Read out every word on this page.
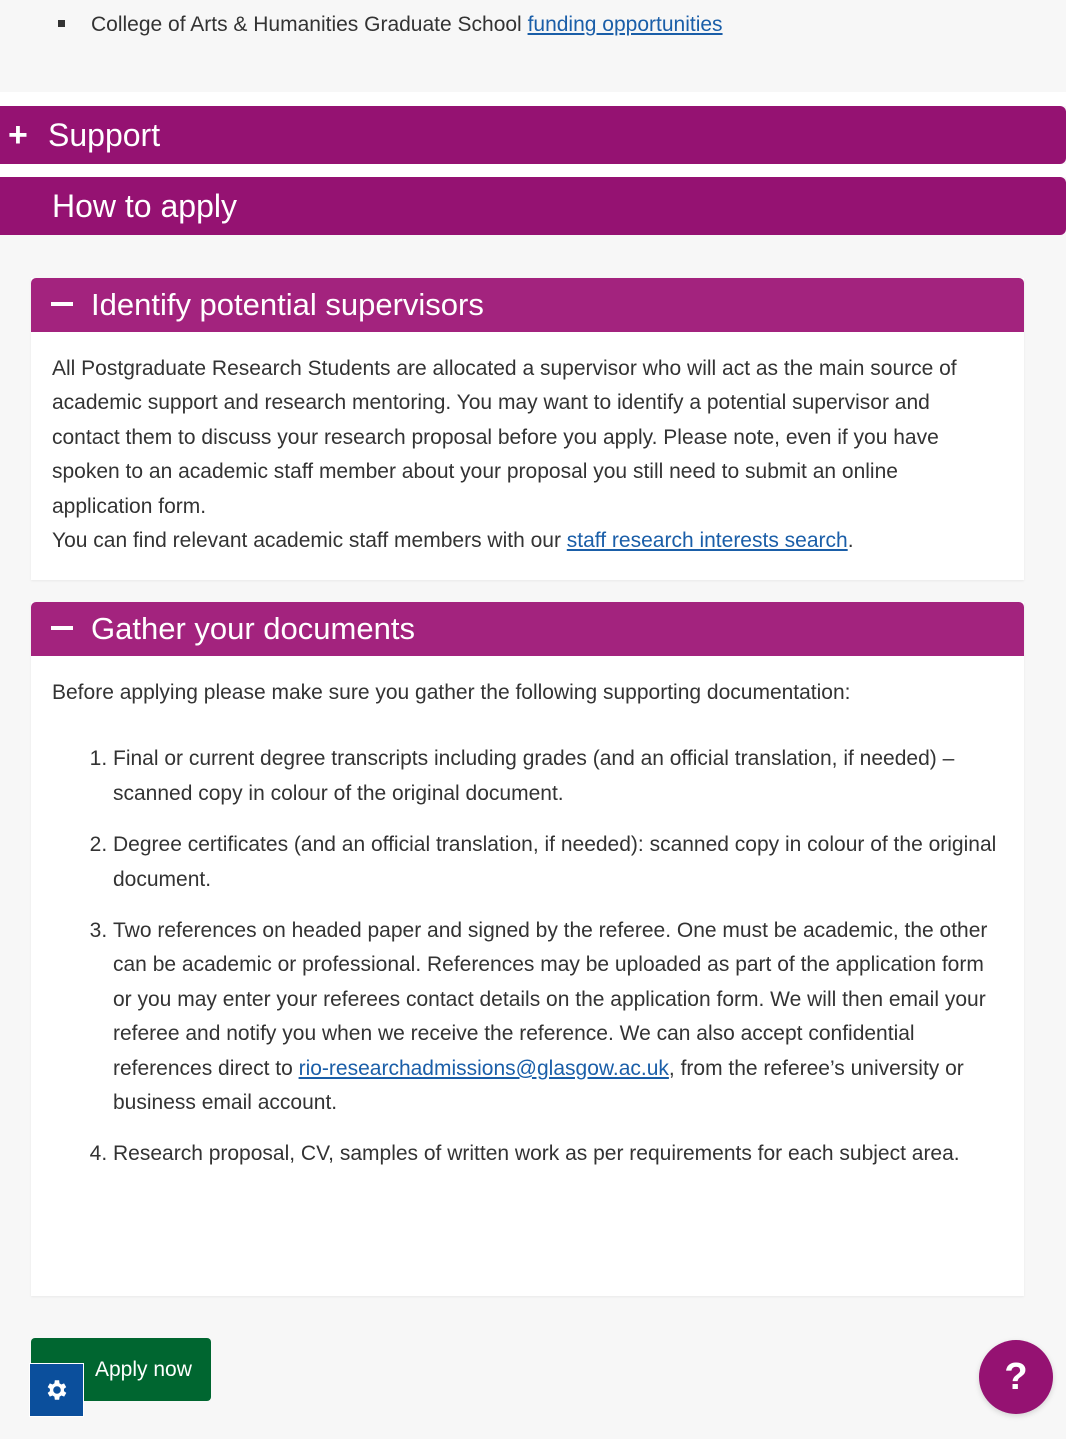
College of Arts & Humanities Graduate School funding opportunities
+ Support
How to apply
Identify potential supervisors

All Postgraduate Research Students are allocated a supervisor who will act as the main source of academic support and research mentoring. You may want to identify a potential supervisor and contact them to discuss your research proposal before you apply. Please note, even if you have spoken to an academic staff member about your proposal you still need to submit an online application form.

You can find relevant academic staff members with our staff research interests search.

Gather your documents

Before applying please make sure you gather the following supporting documentation:

1. Final or current degree transcripts including grades (and an official translation, if needed) – scanned copy in colour of the original document.
2. Degree certificates (and an official translation, if needed): scanned copy in colour of the original document.
3. Two references on headed paper and signed by the referee. One must be academic, the other can be academic or professional. References may be uploaded as part of the application form or you may enter your referees contact details on the application form. We will then email your referee and notify you when we receive the reference. We can also accept confidential references direct to rio-researchadmissions@glasgow.ac.uk, from the referee’s university or business email account.
4. Research proposal, CV, samples of written work as per requirements for each subject area.
Apply now	?
